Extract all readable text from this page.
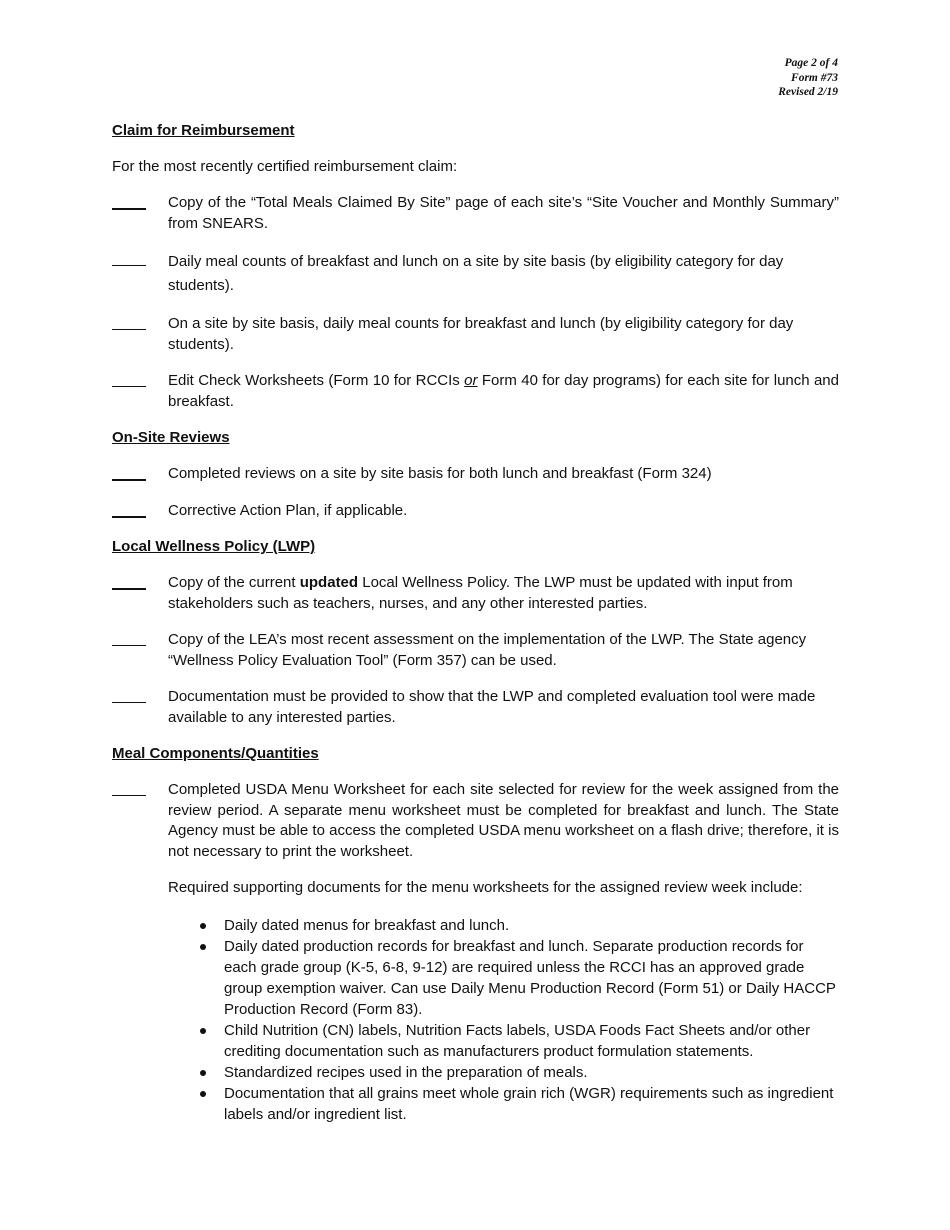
Page 2 of 4
Form #73
Revised 2/19
Claim for Reimbursement
For the most recently certified reimbursement claim:
Copy of the “Total Meals Claimed By Site” page of each site’s “Site Voucher and Monthly Summary” from SNEARS.
Daily meal counts of breakfast and lunch on a site by site basis (by eligibility category for day students).
On a site by site basis, daily meal counts for breakfast and lunch (by eligibility category for day students).
Edit Check Worksheets (Form 10 for RCCIs or Form 40 for day programs) for each site for lunch and breakfast.
On-Site Reviews
Completed reviews on a site by site basis for both lunch and breakfast (Form 324)
Corrective Action Plan, if applicable.
Local Wellness Policy (LWP)
Copy of the current updated Local Wellness Policy. The LWP must be updated with input from stakeholders such as teachers, nurses, and any other interested parties.
Copy of the LEA’s most recent assessment on the implementation of the LWP. The State agency “Wellness Policy Evaluation Tool” (Form 357) can be used.
Documentation must be provided to show that the LWP and completed evaluation tool were made available to any interested parties.
Meal Components/Quantities
Completed USDA Menu Worksheet for each site selected for review for the week assigned from the review period. A separate menu worksheet must be completed for breakfast and lunch. The State Agency must be able to access the completed USDA menu worksheet on a flash drive; therefore, it is not necessary to print the worksheet.
Required supporting documents for the menu worksheets for the assigned review week include:
Daily dated menus for breakfast and lunch.
Daily dated production records for breakfast and lunch. Separate production records for each grade group (K-5, 6-8, 9-12) are required unless the RCCI has an approved grade group exemption waiver. Can use Daily Menu Production Record (Form 51) or Daily HACCP Production Record (Form 83).
Child Nutrition (CN) labels, Nutrition Facts labels, USDA Foods Fact Sheets and/or other crediting documentation such as manufacturers product formulation statements.
Standardized recipes used in the preparation of meals.
Documentation that all grains meet whole grain rich (WGR) requirements such as ingredient labels and/or ingredient list.
